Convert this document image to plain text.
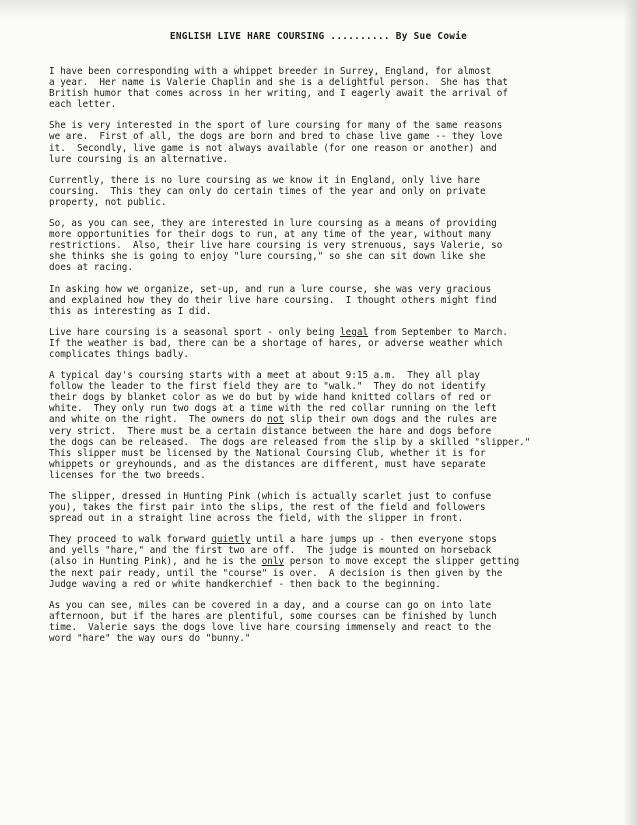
ENGLISH LIVE HARE COURSING .......... By Sue Cowie

I have been corresponding with a whippet breeder in Surrey, England, for almost
a year.  Her name is Valerie Chaplin and she is a delightful person.  She has that
British humor that comes across in her writing, and I eagerly await the arrival of
each letter.

She is very interested in the sport of lure coursing for many of the same reasons
we are.  First of all, the dogs are born and bred to chase live game -- they love
it.  Secondly, live game is not always available (for one reason or another) and
lure coursing is an alternative.

Currently, there is no lure coursing as we know it in England, only live hare
coursing.  This they can only do certain times of the year and only on private
property, not public.

So, as you can see, they are interested in lure coursing as a means of providing
more opportunities for their dogs to run, at any time of the year, without many
restrictions.  Also, their live hare coursing is very strenuous, says Valerie, so
she thinks she is going to enjoy "lure coursing," so she can sit down like she
does at racing.

In asking how we organize, set-up, and run a lure course, she was very gracious
and explained how they do their live hare coursing.  I thought others might find
this as interesting as I did.

Live hare coursing is a seasonal sport - only being legal from September to March.
If the weather is bad, there can be a shortage of hares, or adverse weather which
complicates things badly.

A typical day's coursing starts with a meet at about 9:15 a.m.  They all play
follow the leader to the first field they are to "walk."  They do not identify
their dogs by blanket color as we do but by wide hand knitted collars of red or
white.  They only run two dogs at a time with the red collar running on the left
and white on the right.  The owners do not slip their own dogs and the rules are
very strict.  There must be a certain distance between the hare and dogs before
the dogs can be released.  The dogs are released from the slip by a skilled "slipper."
This slipper must be licensed by the National Coursing Club, whether it is for
whippets or greyhounds, and as the distances are different, must have separate
licenses for the two breeds.

The slipper, dressed in Hunting Pink (which is actually scarlet just to confuse
you), takes the first pair into the slips, the rest of the field and followers
spread out in a straight line across the field, with the slipper in front.

They proceed to walk forward quietly until a hare jumps up - then everyone stops
and yells "hare," and the first two are off.  The judge is mounted on horseback
(also in Hunting Pink), and he is the only person to move except the slipper getting
the next pair ready, until the "course" is over.  A decision is then given by the
Judge waving a red or white handkerchief - then back to the beginning.

As you can see, miles can be covered in a day, and a course can go on into late
afternoon, but if the hares are plentiful, some courses can be finished by lunch
time.  Valerie says the dogs love live hare coursing immensely and react to the
word "hare" the way ours do "bunny."
